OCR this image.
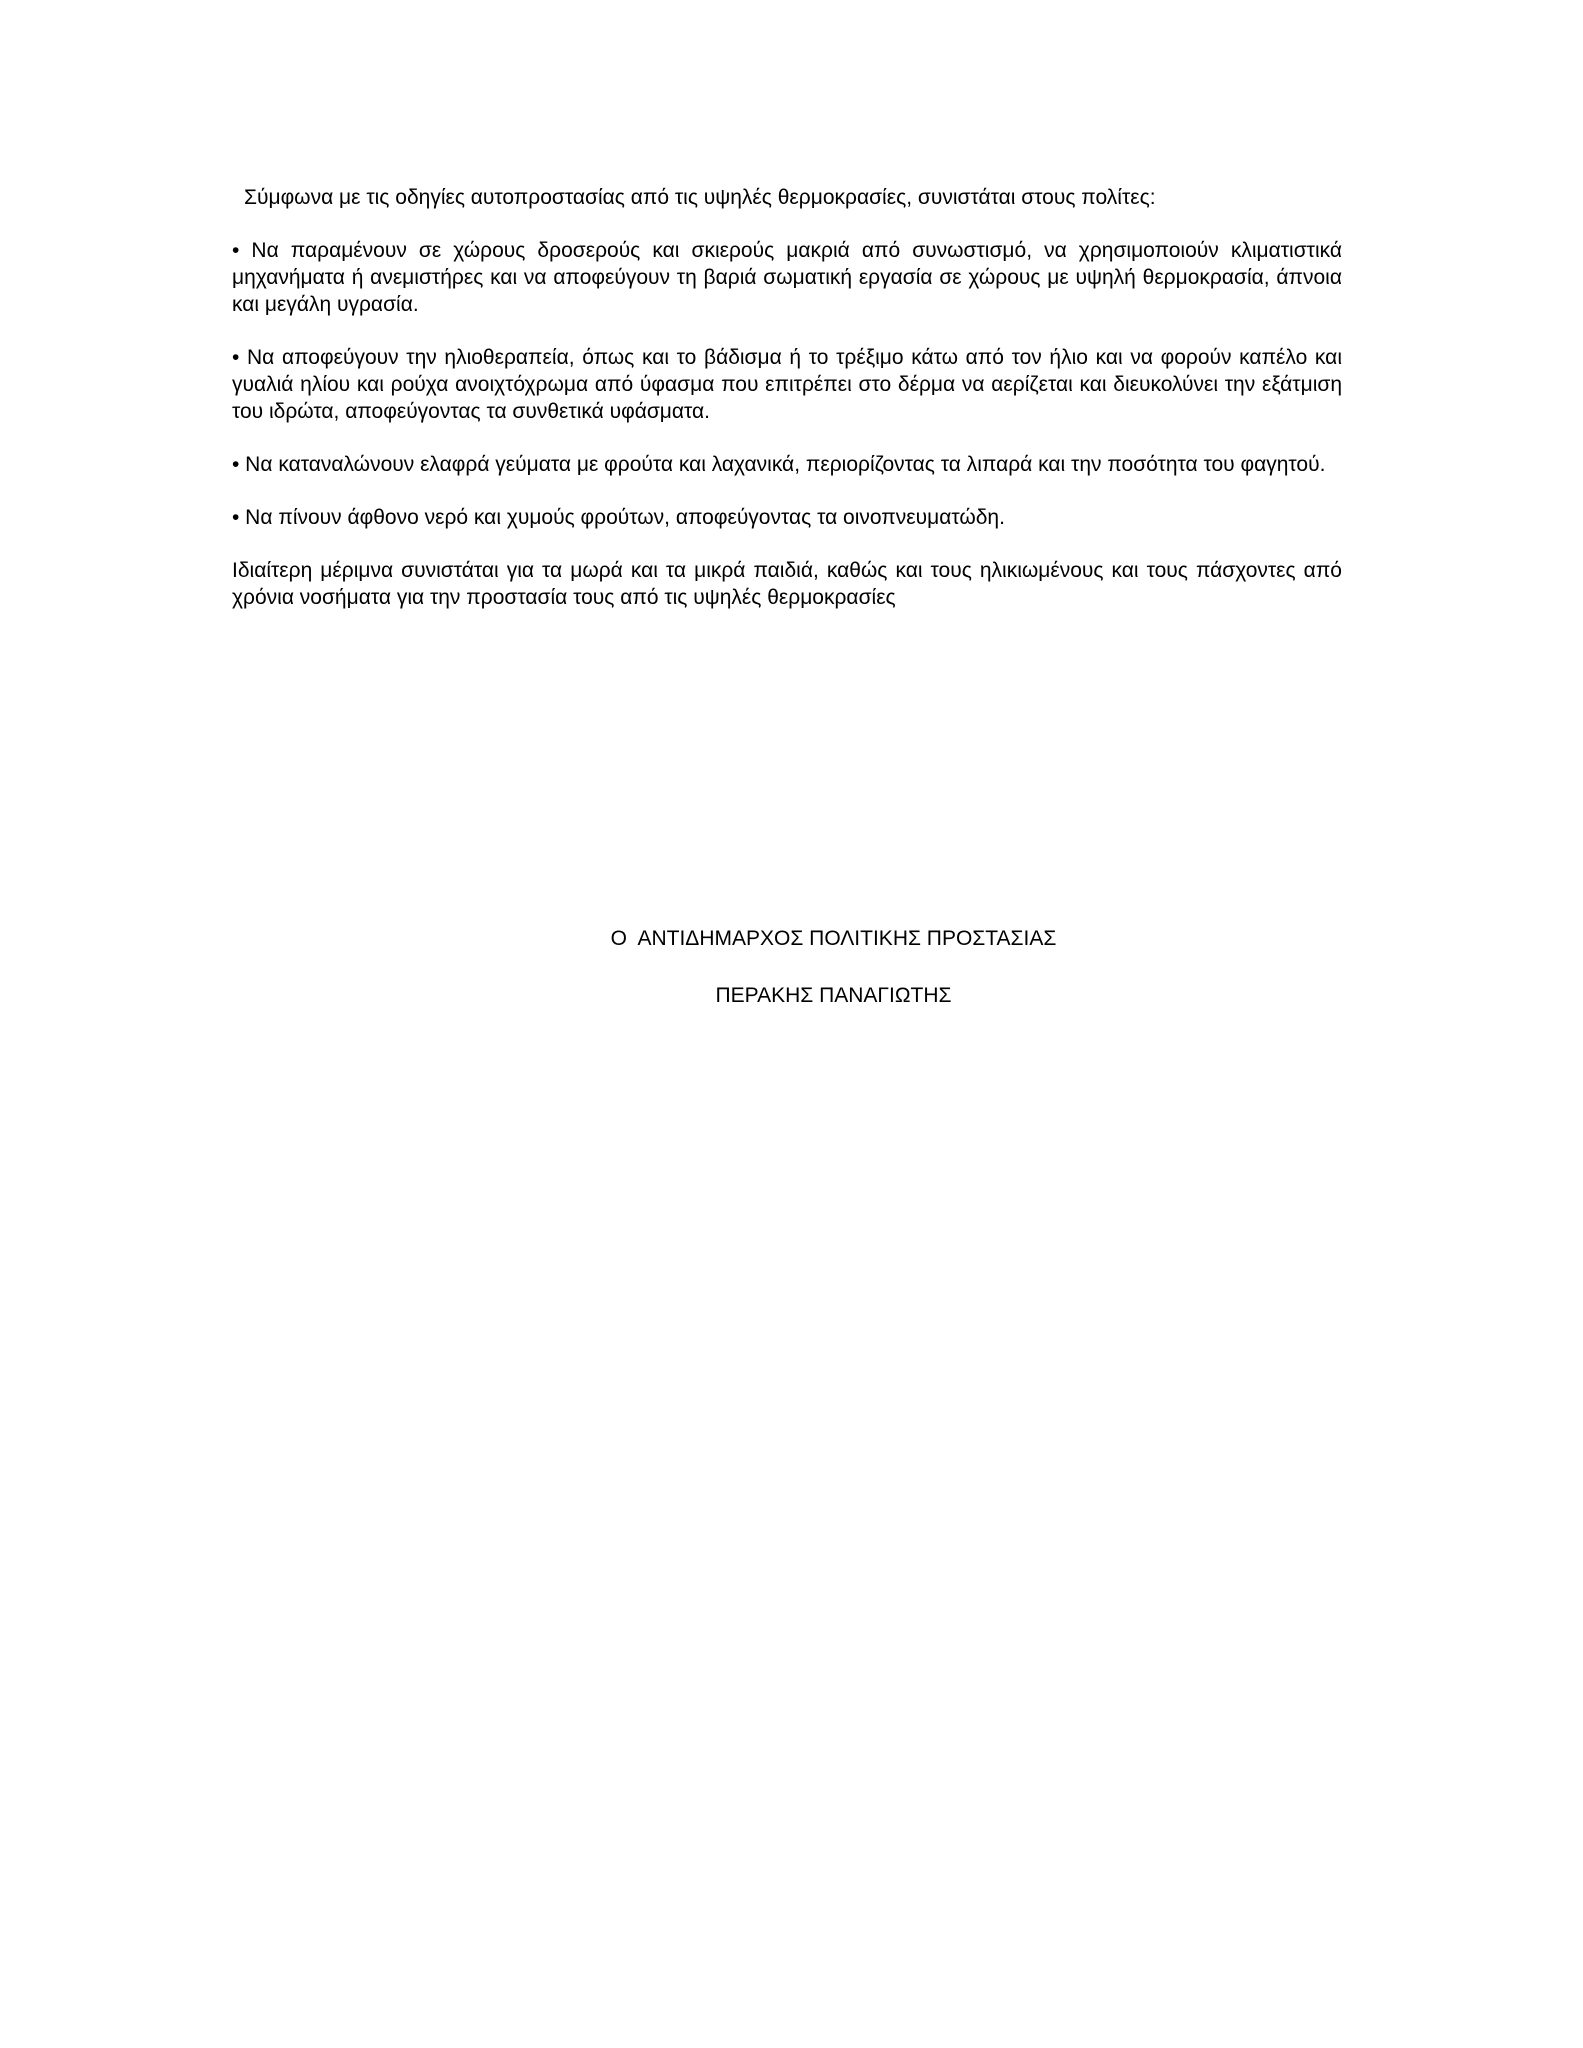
Σύμφωνα με τις οδηγίες αυτοπροστασίας από τις υψηλές θερμοκρασίες, συνιστάται στους πολίτες:

• Να παραμένουν σε χώρους δροσερούς και σκιερούς μακριά από συνωστισμό, να χρησιμοποιούν κλιματιστικά μηχανήματα ή ανεμιστήρες και να αποφεύγουν τη βαριά σωματική εργασία σε χώρους με υψηλή θερμοκρασία, άπνοια και μεγάλη υγρασία.

• Να αποφεύγουν την ηλιοθεραπεία, όπως και το βάδισμα ή το τρέξιμο κάτω από τον ήλιο και να φορούν καπέλο και γυαλιά ηλίου και ρούχα ανοιχτόχρωμα από ύφασμα που επιτρέπει στο δέρμα να αερίζεται και διευκολύνει την εξάτμιση του ιδρώτα, αποφεύγοντας τα συνθετικά υφάσματα.

• Να καταναλώνουν ελαφρά γεύματα με φρούτα και λαχανικά, περιορίζοντας τα λιπαρά και την ποσότητα του φαγητού.

• Να πίνουν άφθονο νερό και χυμούς φρούτων, αποφεύγοντας τα οινοπνευματώδη.

Ιδιαίτερη μέριμνα συνιστάται για τα μωρά και τα μικρά παιδιά, καθώς και τους ηλικιωμένους και τους πάσχοντες από χρόνια νοσήματα για την προστασία τους από τις υψηλές θερμοκρασίες

Ο  ΑΝΤΙΔΗΜΑΡΧΟΣ ΠΟΛΙΤΙΚΗΣ ΠΡΟΣΤΑΣΙΑΣ
ΠΕΡΑΚΗΣ ΠΑΝΑΓΙΩΤΗΣ
